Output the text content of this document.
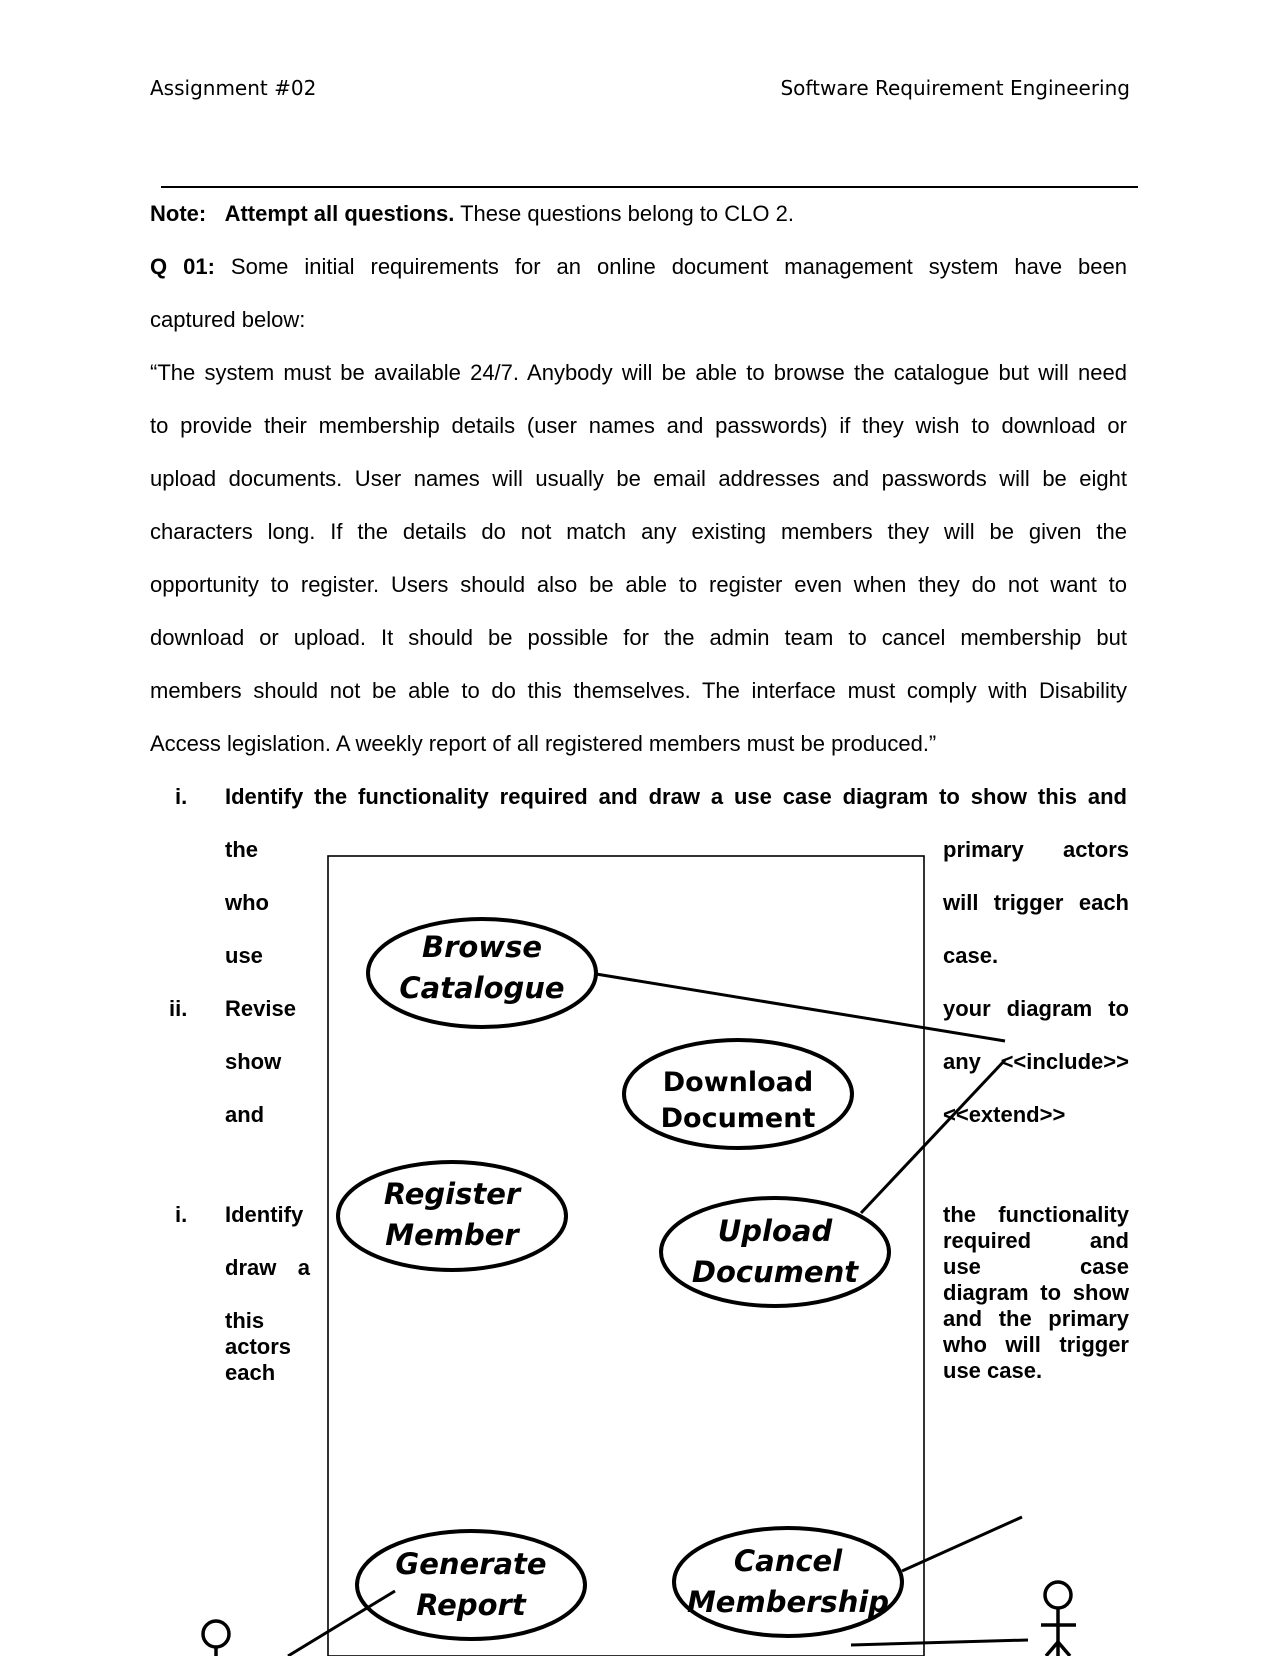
Assignment #02	Software Requirement Engineering
Note: Attempt all questions. These questions belong to CLO 2.
Q 01: Some initial requirements for an online document management system have been
captured below:
“The system must be available 24/7. Anybody will be able to browse the catalogue but will need
to provide their membership details (user names and passwords) if they wish to download or
upload documents. User names will usually be email addresses and passwords will be eight
characters long. If the details do not match any existing members they will be given the
opportunity to register. Users should also be able to register even when they do not want to
download or upload. It should be possible for the admin team to cancel membership but
members should not be able to do this themselves. The interface must comply with Disability
Access legislation. A weekly report of all registered members must be produced.”
i. Identify the functionality required and draw a use case diagram to show this and
the
who
use
primary actors
will trigger each
case.
ii. Revise
show
and
your diagram to
any <<include>>
<<extend>>
i. Identify
draw a
this
actors
each
the functionality
required and
use case
diagram to show
and the primary
who will trigger
use case.
Browse
Catalogue
Download
Document
Register
Member	Upload
Document
Generate
Report
Cancel
Membership
